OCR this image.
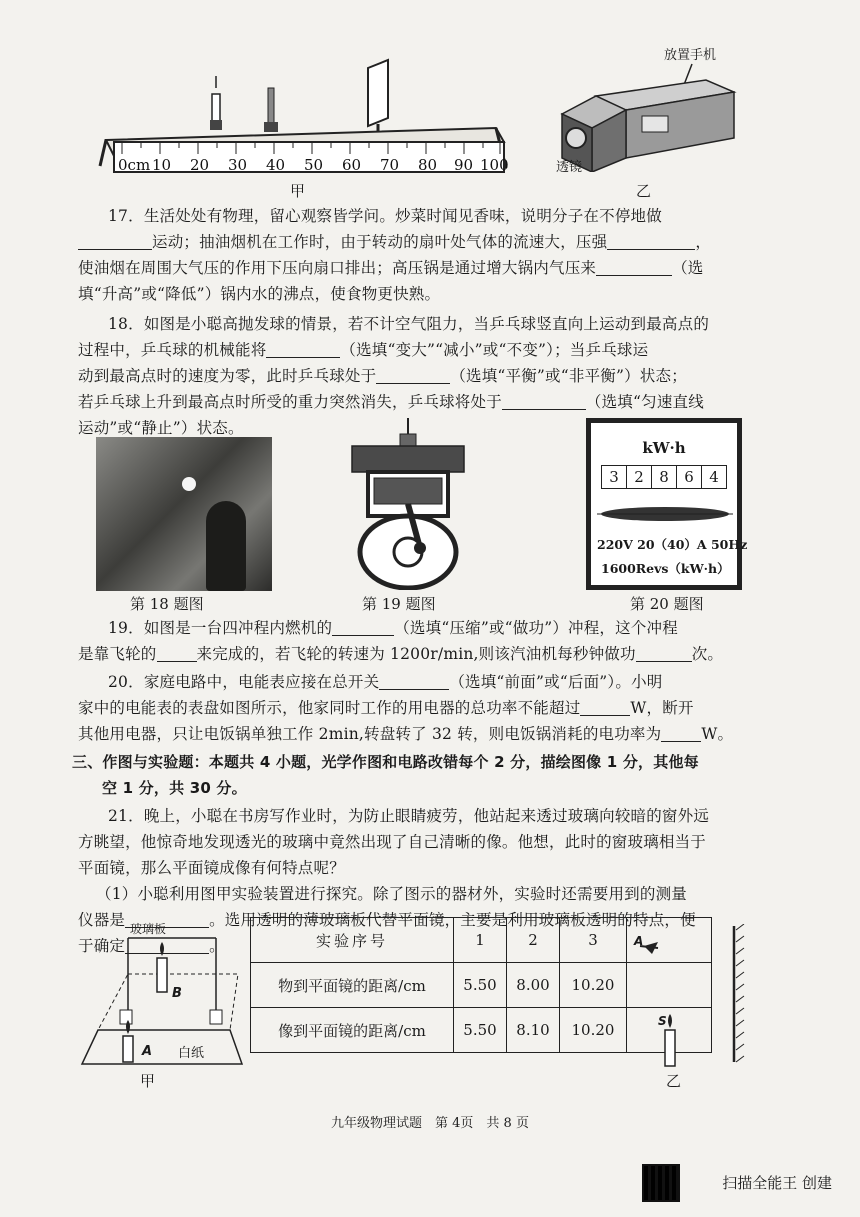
0cm 10 20 30 40 50 60 70 80 90 100
甲
放置手机
透镜
乙
17．生活处处有物理，留心观察皆学问。炒菜时闻见香味，说明分子在不停地做
运动；抽油烟机在工作时，由于转动的扇叶处气体的流速大，压强	，
使油烟在周围大气压的作用下压向扇口排出；高压锅是通过增大锅内气压来	（选
填“升高”或“降低”）锅内水的沸点，使食物更快熟。
18．如图是小聪高抛发球的情景，若不计空气阻力，当乒乓球竖直向上运动到最高点的
过程中，乒乓球的机械能将	（选填“变大”“减小”或“不变”）；当乒乓球运
动到最高点时的速度为零，此时乒乓球处于	（选填“平衡”或“非平衡”）状态；
若乒乓球上升到最高点时所受的重力突然消失，乒乓球将处于	（选填“匀速直线
运动”或“静止”）状态。
第 18 题图	第 19 题图
kW·h
3	2	8	6	4
220V 20（40）A 50Hz
1600Revs（kW·h）
第 20 题图
19．如图是一台四冲程内燃机的	（选填“压缩”或“做功”）冲程，这个冲程
是靠飞轮的	来完成的，若飞轮的转速为 1200r/min,则该汽油机每秒钟做功	次。
20．家庭电路中，电能表应接在总开关	（选填“前面”或“后面”）。小明
家中的电能表的表盘如图所示，他家同时工作的用电器的总功率不能超过	W，断开
其他用电器，只让电饭锅单独工作 2min,转盘转了 32 转，则电饭锅消耗的电功率为	W。
三、作图与实验题：本题共 4 小题，光学作图和电路改错每个 2 分，描绘图像 1 分，其他每
空 1 分，共 30 分。
21．晚上，小聪在书房写作业时，为防止眼睛疲劳，他站起来透过玻璃向较暗的窗外远
方眺望，他惊奇地发现透光的玻璃中竟然出现了自己清晰的像。他想，此时的窗玻璃相当于
平面镜，那么平面镜成像有何特点呢？
（1）小聪利用图甲实验装置进行探究。除了图示的器材外，实验时还需要用到的测量
仪器是	。选用透明的薄玻璃板代替平面镜，主要是利用玻璃板透明的特点，便
于确定	。
玻璃板
B
A 白纸
甲
实验序号	1	2	3	
物到平面镜的距离/cm	5.50	8.00	10.20	
像到平面镜的距离/cm	5.50	8.10	10.20	
A
S
乙
九年级物理试题　第 4页　共 8 页
扫描全能王 创建
